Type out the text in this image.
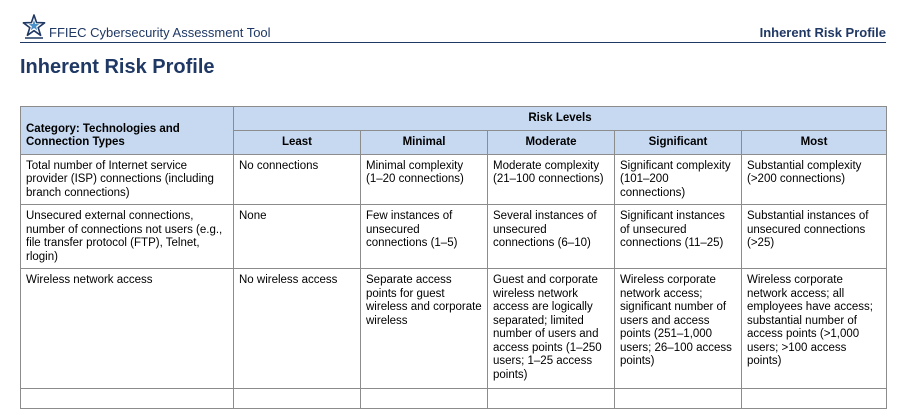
FFIEC Cybersecurity Assessment Tool	Inherent Risk Profile
Inherent Risk Profile
Category: Technologies and Connection Types	Risk Levels				
	Least	Minimal	Moderate	Significant	Most
Total number of Internet service provider (ISP) connections (including branch connections)	No connections	Minimal complexity (1–20 connections)	Moderate complexity (21–100 connections)	Significant complexity (101–200 connections)	Substantial complexity (>200 connections)
Unsecured external connections, number of connections not users (e.g., file transfer protocol (FTP), Telnet, rlogin)	None	Few instances of unsecured connections (1–5)	Several instances of unsecured connections (6–10)	Significant instances of unsecured connections (11–25)	Substantial instances of unsecured connections (>25)
Wireless network access	No wireless access	Separate access points for guest wireless and corporate wireless	Guest and corporate wireless network access are logically separated; limited number of users and access points (1–250 users; 1–25 access points)	Wireless corporate network access; significant number of users and access points (251–1,000 users; 26–100 access points)	Wireless corporate network access; all employees have access; substantial number of access points (>1,000 users; >100 access points)
